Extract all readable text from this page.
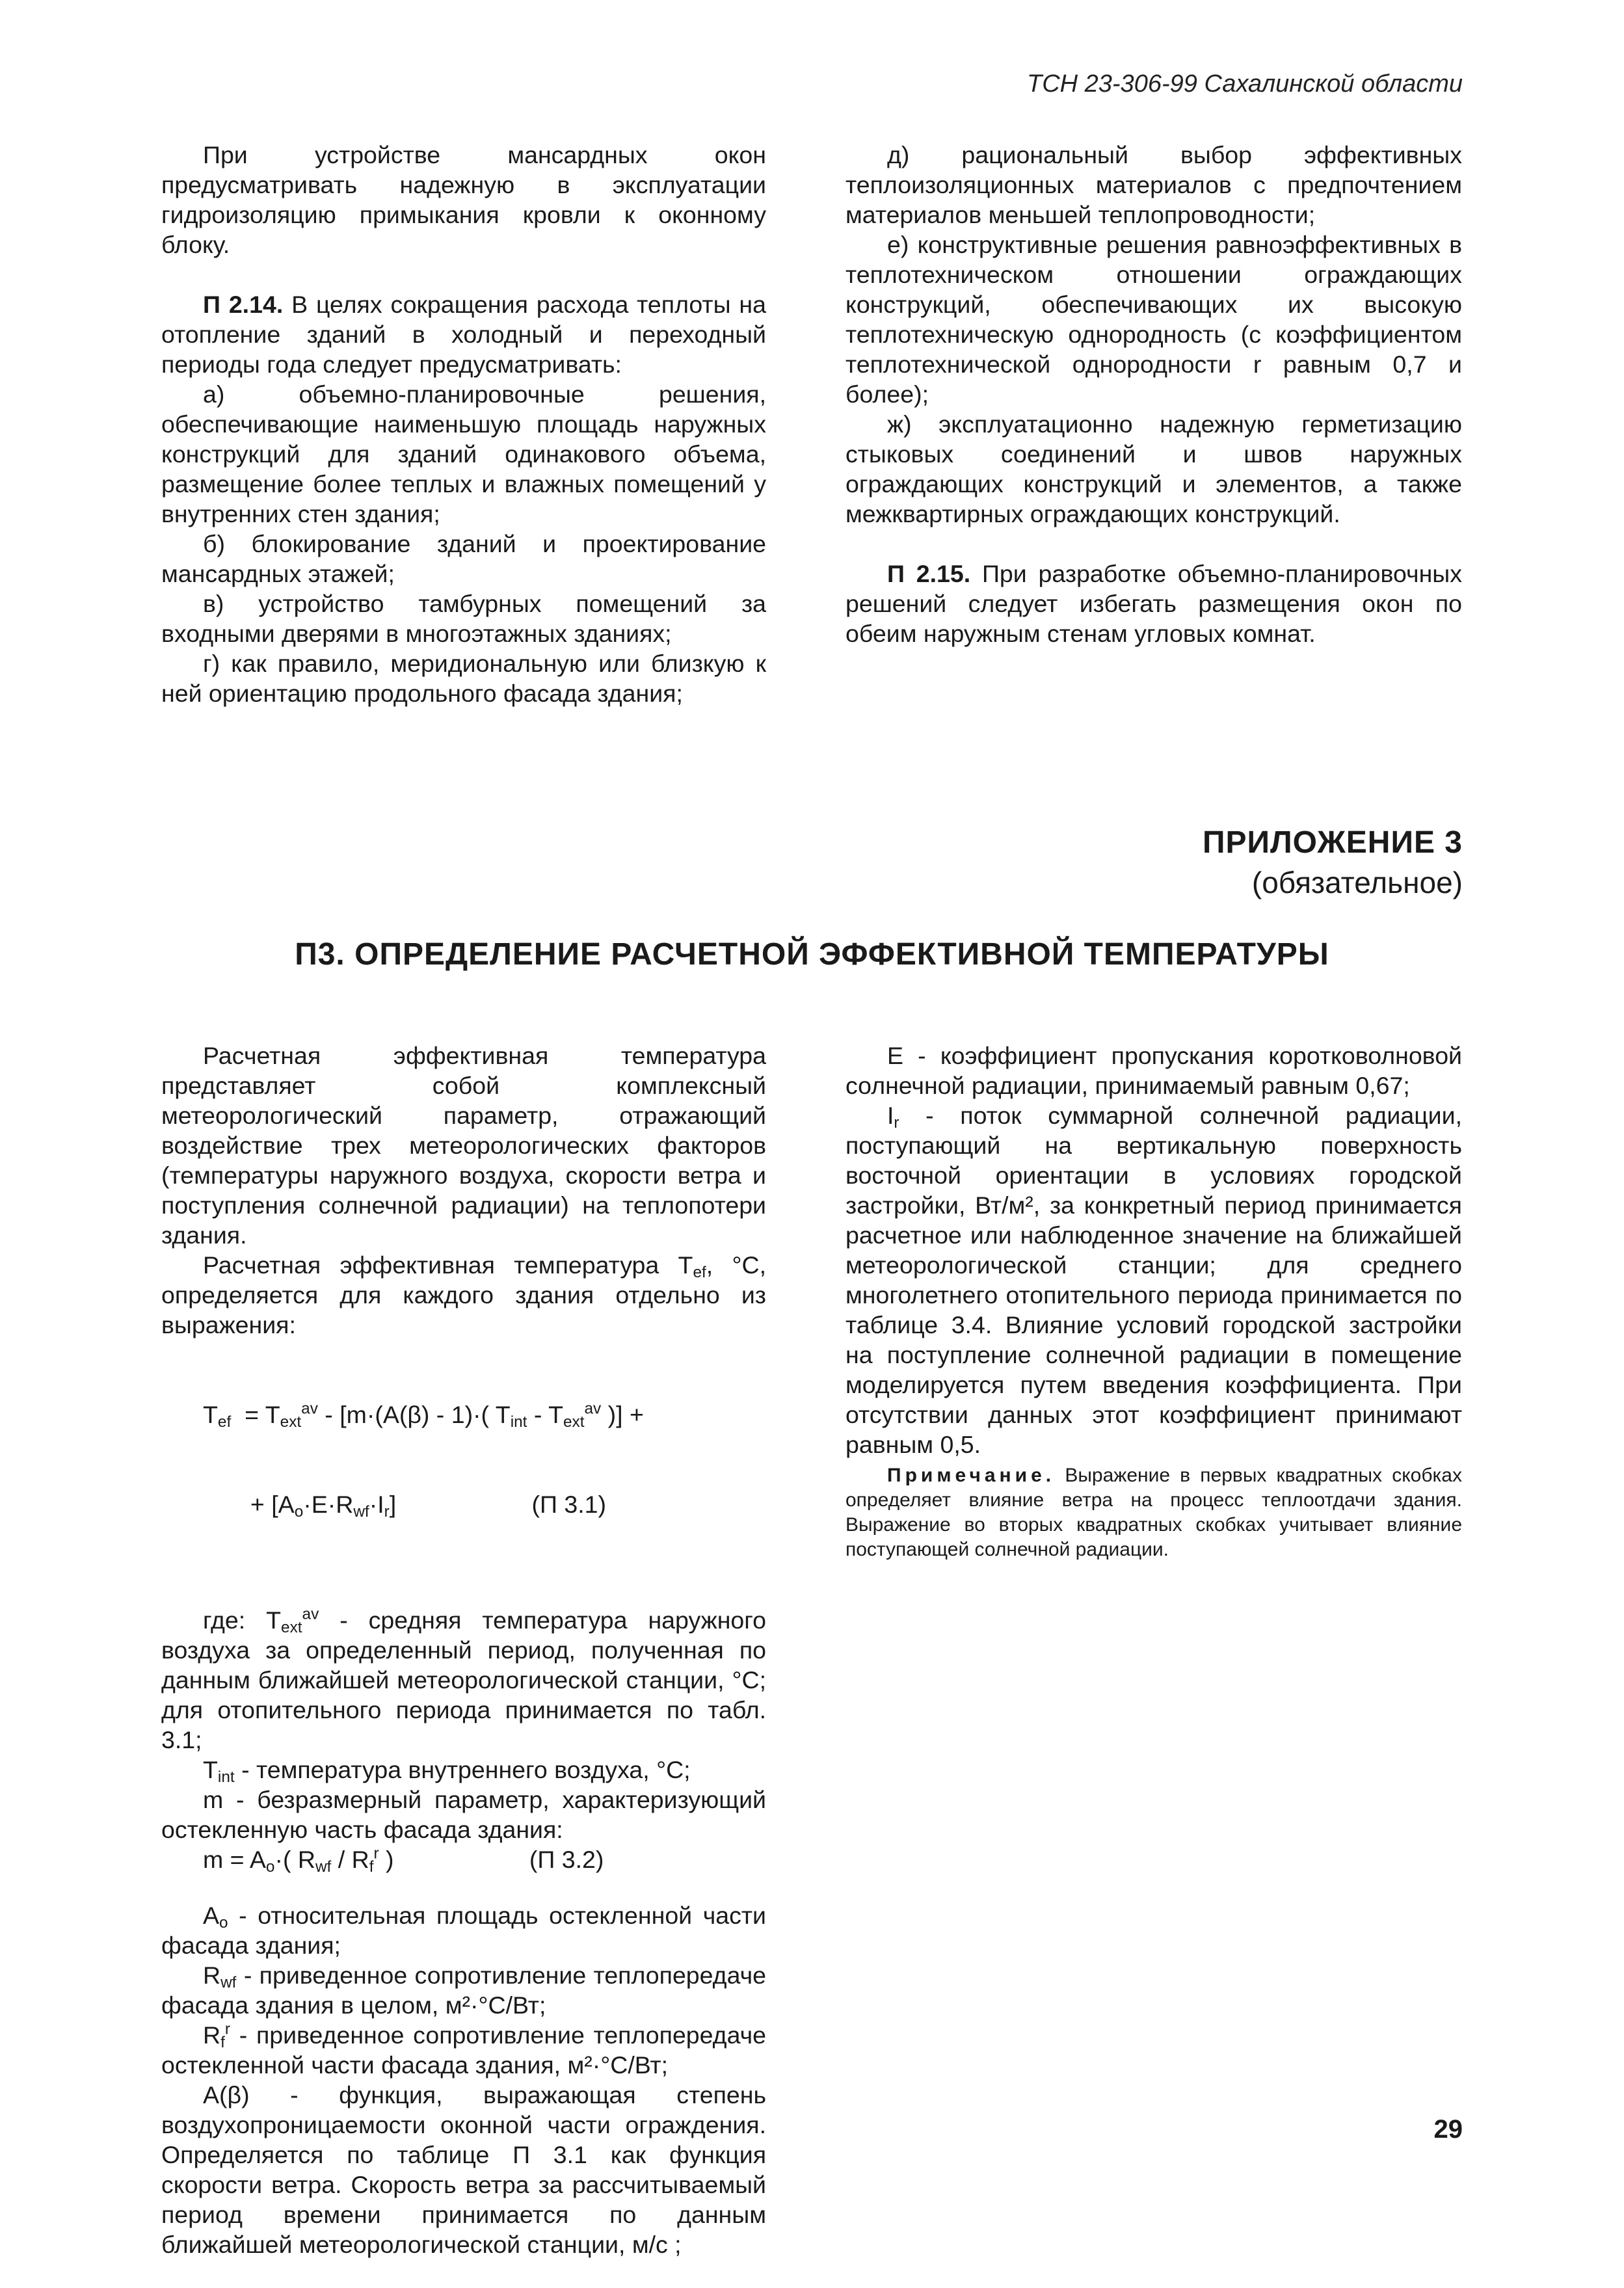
ТСН 23-306-99 Сахалинской области

При устройстве мансардных окон предусматривать надежную в эксплуатации гидроизоляцию примыкания кровли к оконному блоку.

П 2.14. В целях сокращения расхода теплоты на отопление зданий в холодный и переходный периоды года следует предусматривать:

а) объемно-планировочные решения, обеспечивающие наименьшую площадь наружных конструкций для зданий одинакового объема, размещение более теплых и влажных помещений у внутренних стен здания;

б) блокирование зданий и проектирование мансардных этажей;

в) устройство тамбурных помещений за входными дверями в многоэтажных зданиях;

г) как правило, меридиональную или близкую к ней ориентацию продольного фасада здания;

д) рациональный выбор эффективных теплоизоляционных материалов с предпочтением материалов меньшей теплопроводности;

е) конструктивные решения равноэффективных в теплотехническом отношении ограждающих конструкций, обеспечивающих их высокую теплотехническую однородность (с коэффициентом теплотехнической однородности r равным 0,7 и более);

ж) эксплуатационно надежную герметизацию стыковых соединений и швов наружных ограждающих конструкций и элементов, а также межквартирных ограждающих конструкций.

П 2.15. При разработке объемно-планировочных решений следует избегать размещения окон по обеим наружным стенам угловых комнат.

ПРИЛОЖЕНИЕ 3
(обязательное)
П3. ОПРЕДЕЛЕНИЕ РАСЧЕТНОЙ ЭФФЕКТИВНОЙ ТЕМПЕРАТУРЫ

Расчетная эффективная температура представляет собой комплексный метеорологический параметр, отражающий воздействие трех метеорологических факторов (температуры наружного воздуха, скорости ветра и поступления солнечной радиации) на теплопотери здания.

Расчетная эффективная температура $T_{ef}$, °С, определяется для каждого здания отдельно из выражения:

$T_{ef} = T_{ext}^{av} - [m\cdot(A(\beta) - 1)\cdot$( $T_{int} - T_{ext}^{av}$ )] +

+ $[A_o\cdot E\cdot R_{wf}\cdot I_r]$                    (П 3.1)

где: $T_{ext}^{av}$ - средняя температура наружного воздуха за определенный период, полученная по данным ближайшей метеорологической станции, °С; для отопительного периода принимается по табл. 3.1;

$T_{int}$ - температура внутреннего воздуха, °С;

m - безразмерный параметр, характеризующий остекленную часть фасада здания:

$m = A_o\cdot$( $R_{wf} / R_f^r$ )                    (П 3.2)

$A_o$ - относительная площадь остекленной части фасада здания;

$R_{wf}$ - приведенное сопротивление теплопередаче фасада здания в целом, м²·°С/Вт;

$R_f^r$ - приведенное сопротивление теплопередаче остекленной части фасада здания, м²·°С/Вт;

A(β) - функция, выражающая степень воздухопроницаемости оконной части ограждения. Определяется по таблице П 3.1 как функция скорости ветра. Скорость ветра за рассчитываемый период времени принимается по данным ближайшей метеорологической станции, м/с ;

Е - коэффициент пропускания коротковолновой солнечной радиации, принимаемый равным 0,67;

$I_r$ - поток суммарной солнечной радиации, поступающий на вертикальную поверхность восточной ориентации в условиях городской застройки, Вт/м², за конкретный период принимается расчетное или наблюденное значение на ближайшей метеорологической станции; для среднего многолетнего отопительного периода принимается по таблице 3.4. Влияние условий городской застройки на поступление солнечной радиации в помещение моделируется путем введения коэффициента. При отсутствии данных этот коэффициент принимают равным 0,5.

Примечание. Выражение в первых квадратных скобках определяет влияние ветра на процесс теплоотдачи здания. Выражение во вторых квадратных скобках учитывает влияние поступающей солнечной радиации.
29
